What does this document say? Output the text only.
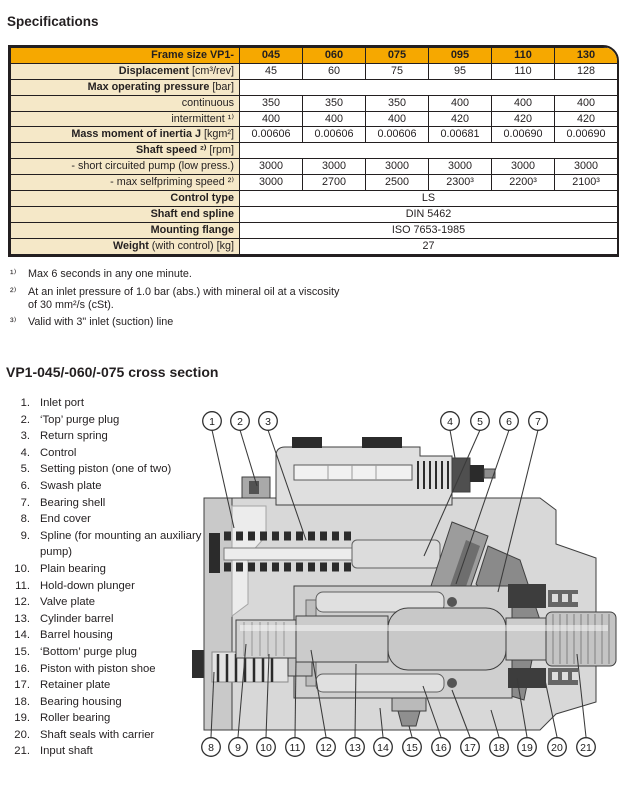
Specifications
Frame size VP1-	045	060	075	095	110	130
Displacement [cm³/rev]	45	60	75	95	110	128
Max operating pressure [bar]						
continuous	350	350	350	400	400	400
intermittent ¹⁾	400	400	400	420	420	420
Mass moment of inertia J [kgm²]	0.00606	0.00606	0.00606	0.00681	0.00690	0.00690
Shaft speed ²⁾ [rpm]						
- short circuited pump (low press.)	3000	3000	3000	3000	3000	3000
- max selfpriming speed ²⁾	3000	2700	2500	2300³	2200³	2100³
Control type	LS					
Shaft end spline	DIN 5462					
Mounting flange	ISO 7653-1985					
Weight (with control) [kg]	27					
¹⁾	Max 6 seconds in any one minute.
²⁾	At an inlet pressure of 1.0 bar (abs.) with mineral oil at a viscosity of 30 mm²/s (cSt).
³⁾	Valid with 3" inlet (suction) line
VP1-045/-060/-075 cross section
1. Inlet port
2. ‘Top’ purge plug
3. Return spring
4. Control
5. Setting piston (one of two)
6. Swash plate
7. Bearing shell
8. End cover
9. Spline (for mounting an auxiliary pump)
10. Plain bearing
11. Hold-down plunger
12. Valve plate
13. Cylinder barrel
14. Barrel housing
15. ‘Bottom’ purge plug
16. Piston with piston shoe
17. Retainer plate
18. Bearing housing
19. Roller bearing
20. Shaft seals with carrier
21. Input shaft
1 2 3	4 5 6 7
8 9 10 11 12 13 14 15 16 17 18 19 20 21
